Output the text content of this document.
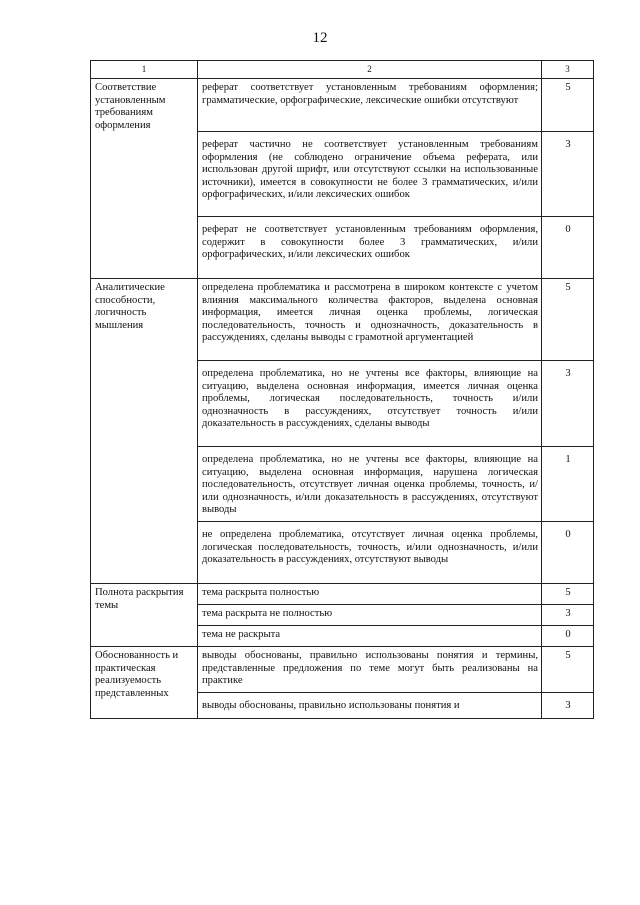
12
1	2	3
Соответствие установленным требованиям оформления	реферат соответствует установленным требованиям оформления; грамматические, орфографические, лексические ошибки отсутствуют	5
	реферат частично не соответствует установленным требованиям оформления (не соблюдено ограничение объема реферата, или использован другой шрифт, или отсутствуют ссылки на использованные источники), имеется в совокупности не более 3 грамматических, и/или орфографических, и/или лексических ошибок	3
	реферат не соответствует установленным требованиям оформления, содержит в совокупности более 3 грамматических, и/или орфографических, и/или лексических ошибок	0
Аналитические способности, логичность мышления	определена проблематика и рассмотрена в широком контексте с учетом влияния максимального количества факторов, выделена основная информация, имеется личная оценка проблемы, логическая последовательность, точность и однозначность, доказательность в рассуждениях, сделаны выводы с грамотной аргументацией	5
	определена проблематика, но не учтены все факторы, влияющие на ситуацию, выделена основная информация, имеется личная оценка проблемы, логическая последовательность, точность и/или однозначность в рассуждениях, отсутствует точность и/или доказательность в рассуждениях, сделаны выводы	3
	определена проблематика, но не учтены все факторы, влияющие на ситуацию, выделена основная информация, нарушена логическая последовательность, отсутствует личная оценка проблемы, точность, и/или однозначность, и/или доказательность в рассуждениях, отсутствуют выводы	1
	не определена проблематика, отсутствует личная оценка проблемы, логическая последовательность, точность, и/или однозначность, и/или доказательность в рассуждениях, отсутствуют выводы	0
Полнота раскрытия темы	тема раскрыта полностью	5
	тема раскрыта не полностью	3
	тема не раскрыта	0
Обоснованность и практическая реализуемость представленных	выводы обоснованы, правильно использованы понятия и термины, представленные предложения по теме могут быть реализованы на практике	5
	выводы обоснованы, правильно использованы понятия и	3
